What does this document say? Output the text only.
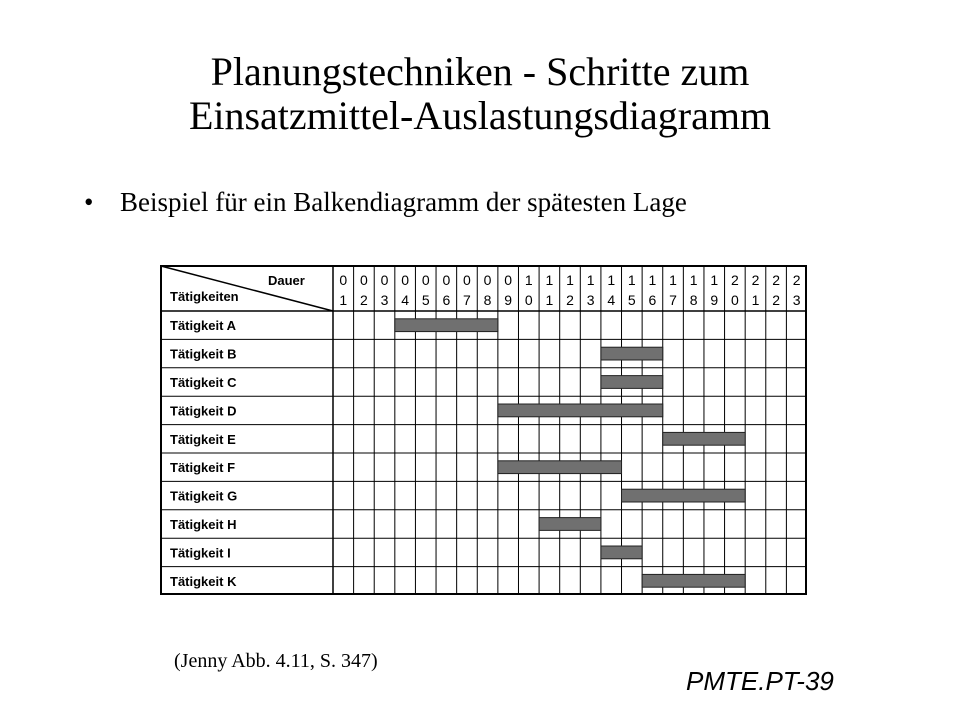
Planungstechniken - Schritte zum
Einsatzmittel-Auslastungsdiagramm
• Beispiel für ein Balkendiagramm der spätesten Lage
Dauer
Tätigkeiten
0
1
0
2
0
3
0
4
0
5
0
6
0
7
0
8
0
9
1
0
1
1
1
2
1
3
1
4
1
5
1
6
1
7
1
8
1
9
2
0
2
1
2
2
2
3
Tätigkeit A
Tätigkeit B
Tätigkeit C
Tätigkeit D
Tätigkeit E
Tätigkeit F
Tätigkeit G
Tätigkeit H
Tätigkeit I
Tätigkeit K
(Jenny Abb. 4.11, S. 347)
PMTE.PT-39
